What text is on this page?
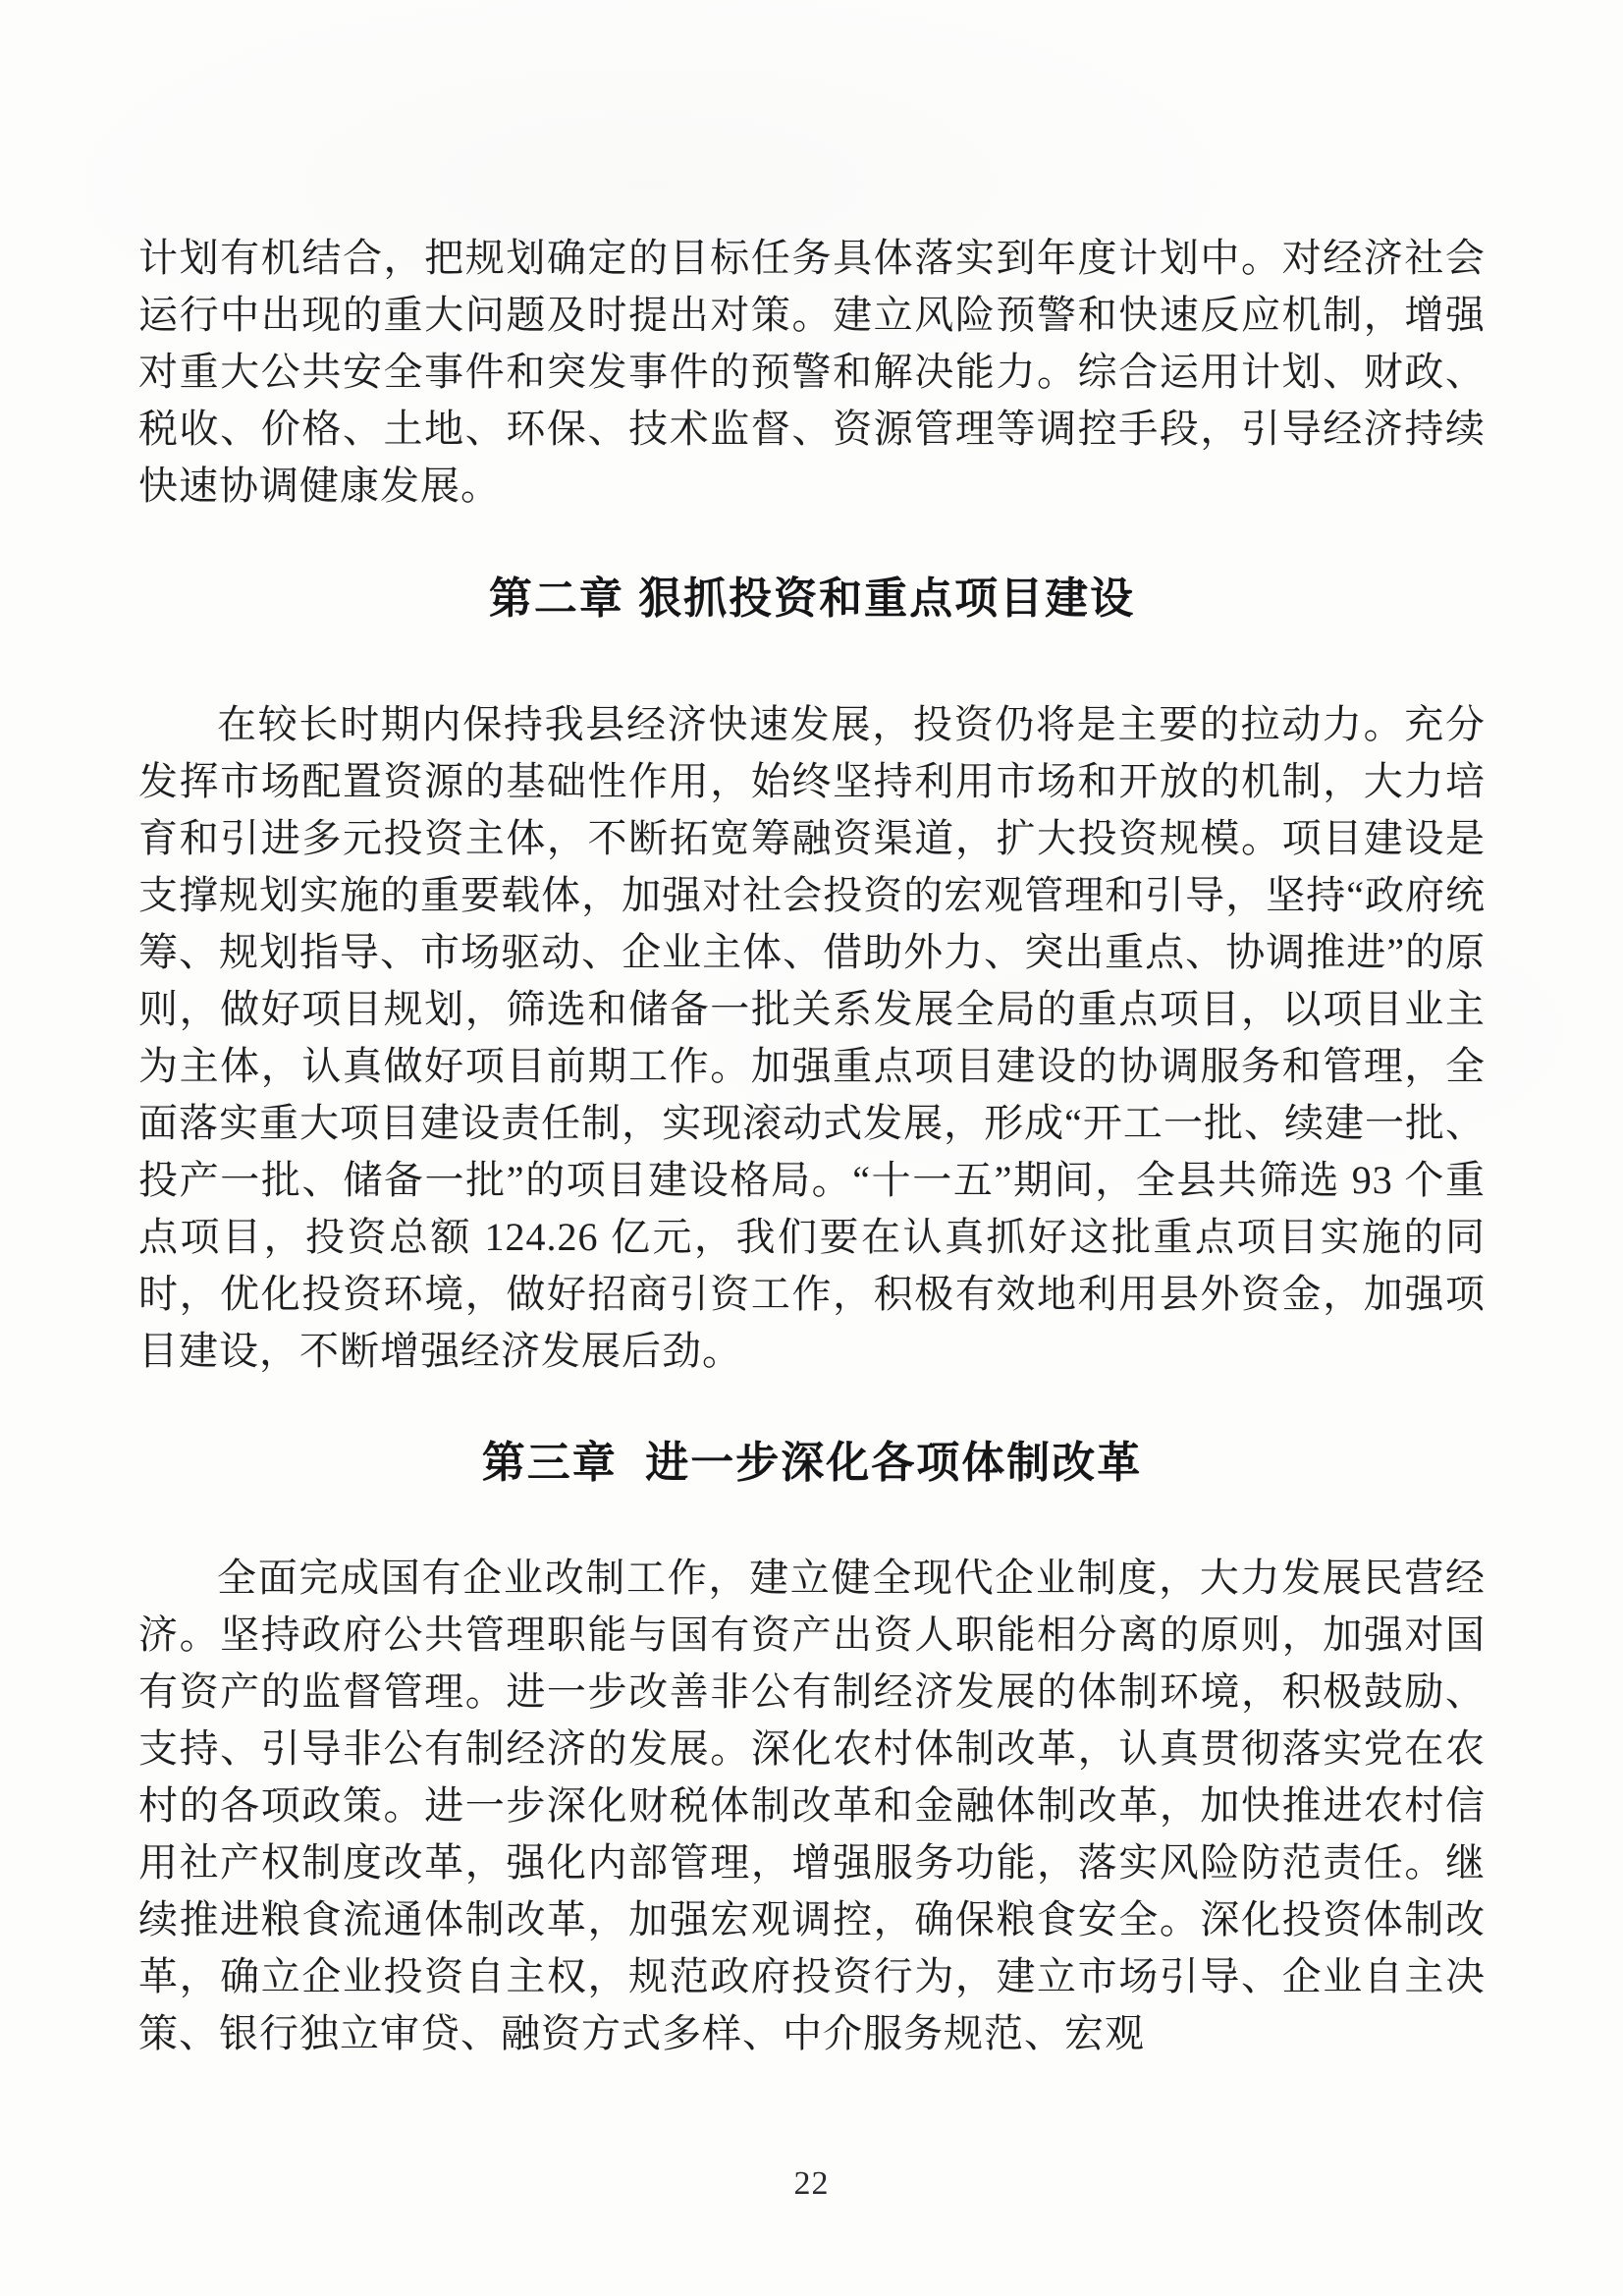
计划有机结合，把规划确定的目标任务具体落实到年度计划中。对经济社会运行中出现的重大问题及时提出对策。建立风险预警和快速反应机制，增强对重大公共安全事件和突发事件的预警和解决能力。综合运用计划、财政、税收、价格、土地、环保、技术监督、资源管理等调控手段，引导经济持续快速协调健康发展。

第二章 狠抓投资和重点项目建设

在较长时期内保持我县经济快速发展，投资仍将是主要的拉动力。充分发挥市场配置资源的基础性作用，始终坚持利用市场和开放的机制，大力培育和引进多元投资主体，不断拓宽筹融资渠道，扩大投资规模。项目建设是支撑规划实施的重要载体，加强对社会投资的宏观管理和引导，坚持“政府统筹、规划指导、市场驱动、企业主体、借助外力、突出重点、协调推进”的原则，做好项目规划，筛选和储备一批关系发展全局的重点项目，以项目业主为主体，认真做好项目前期工作。加强重点项目建设的协调服务和管理，全面落实重大项目建设责任制，实现滚动式发展，形成“开工一批、续建一批、投产一批、储备一批”的项目建设格局。“十一五”期间，全县共筛选 93 个重点项目，投资总额 124.26 亿元，我们要在认真抓好这批重点项目实施的同时，优化投资环境，做好招商引资工作，积极有效地利用县外资金，加强项目建设，不断增强经济发展后劲。

第三章  进一步深化各项体制改革

全面完成国有企业改制工作，建立健全现代企业制度，大力发展民营经济。坚持政府公共管理职能与国有资产出资人职能相分离的原则，加强对国有资产的监督管理。进一步改善非公有制经济发展的体制环境，积极鼓励、支持、引导非公有制经济的发展。深化农村体制改革，认真贯彻落实党在农村的各项政策。进一步深化财税体制改革和金融体制改革，加快推进农村信用社产权制度改革，强化内部管理，增强服务功能，落实风险防范责任。继续推进粮食流通体制改革，加强宏观调控，确保粮食安全。深化投资体制改革，确立企业投资自主权，规范政府投资行为，建立市场引导、企业自主决策、银行独立审贷、融资方式多样、中介服务规范、宏观

22
